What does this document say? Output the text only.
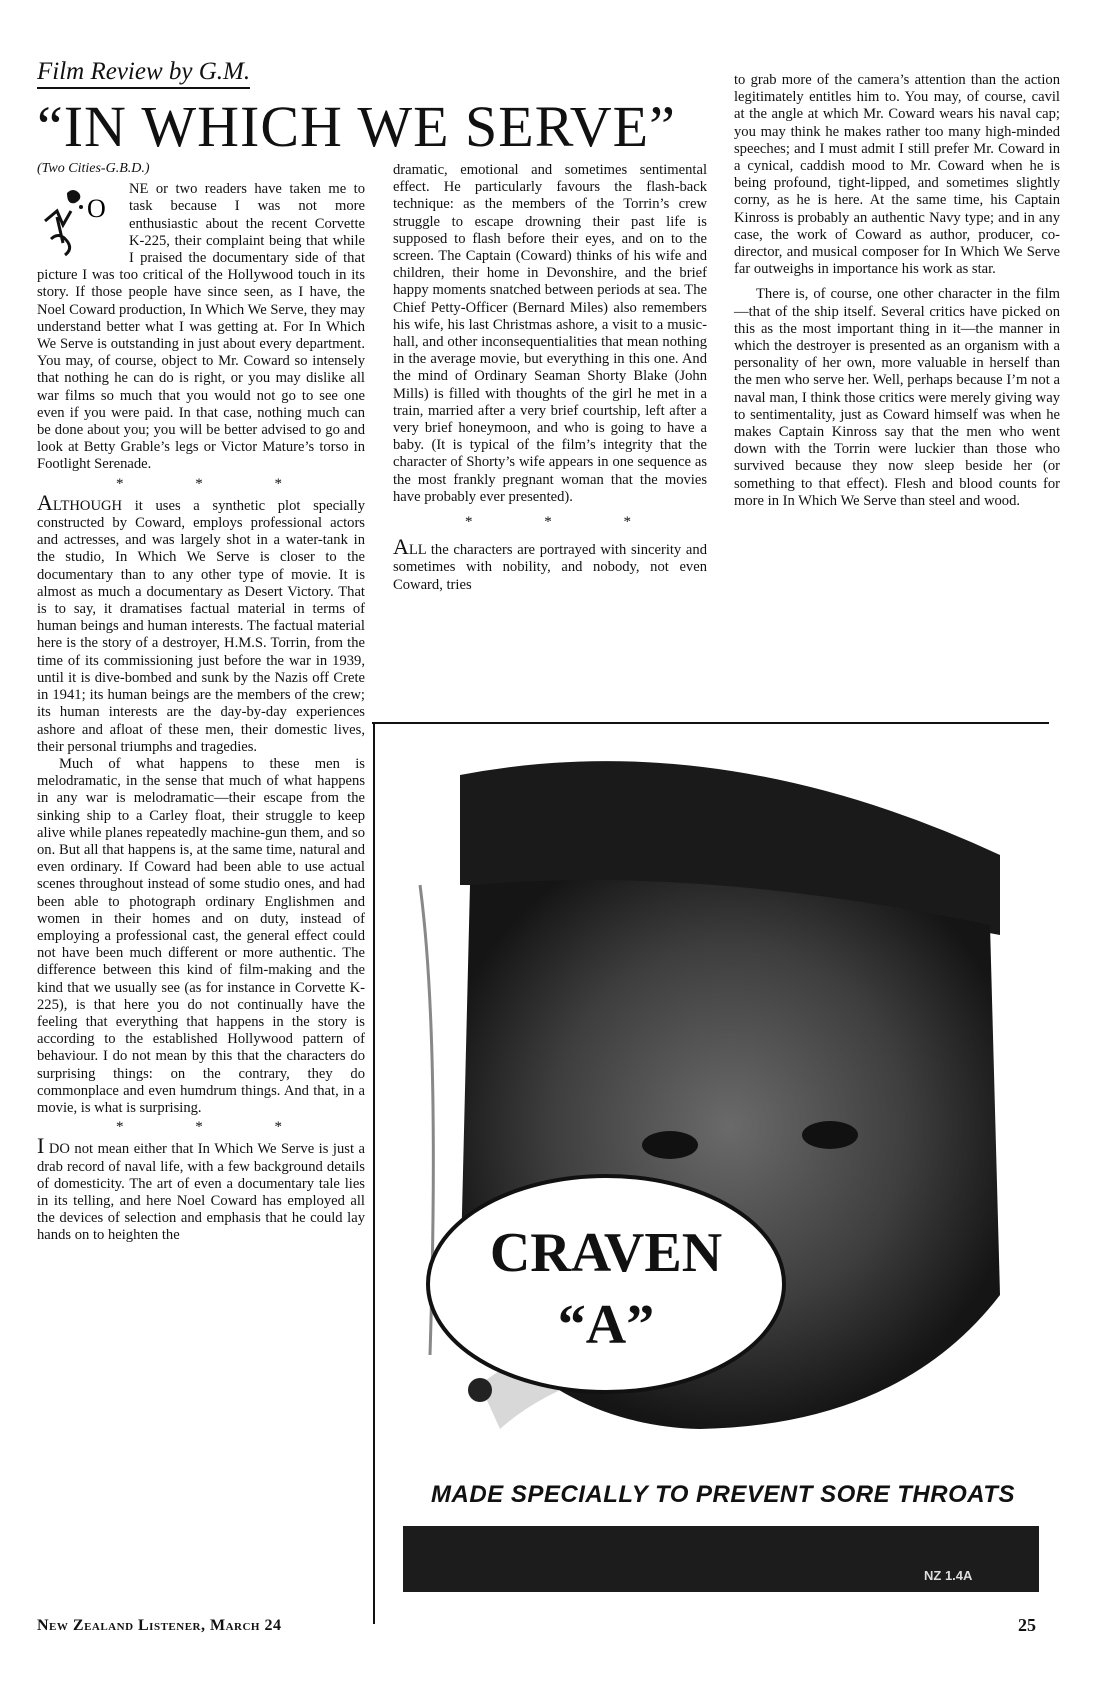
Film Review by G.M.
“IN WHICH WE SERVE”
(Two Cities-G.B.D.)
O

NE or two readers have taken me to task because I was not more enthusiastic about the recent Corvette K-225, their complaint being that while I praised the documentary side of that picture I was too critical of the Hollywood touch in its story. If those people have since seen, as I have, the Noel Coward production, In Which We Serve, they may understand better what I was getting at. For In Which We Serve is outstanding in just about every department. You may, of course, object to Mr. Coward so intensely that nothing he can do is right, or you may dislike all war films so much that you would not go to see one even if you were paid. In that case, nothing much can be done about you; you will be better advised to go and look at Betty Grable’s legs or Victor Mature’s torso in Footlight Serenade.

* * *

ALTHOUGH it uses a synthetic plot specially constructed by Coward, employs professional actors and actresses, and was largely shot in a water-tank in the studio, In Which We Serve is closer to the documentary than to any other type of movie. It is almost as much a documentary as Desert Victory. That is to say, it dramatises factual material in terms of human beings and human interests. The factual material here is the story of a destroyer, H.M.S. Torrin, from the time of its commissioning just before the war in 1939, until it is dive-bombed and sunk by the Nazis off Crete in 1941; its human beings are the members of the crew; its human interests are the day-by-day experiences ashore and afloat of these men, their domestic lives, their personal triumphs and tragedies.

Much of what happens to these men is melodramatic, in the sense that much of what happens in any war is melodramatic—their escape from the sinking ship to a Carley float, their struggle to keep alive while planes repeatedly machine-gun them, and so on. But all that happens is, at the same time, natural and even ordinary. If Coward had been able to use actual scenes throughout instead of some studio ones, and had been able to photograph ordinary Englishmen and women in their homes and on duty, instead of employing a professional cast, the general effect could not have been much different or more authentic. The difference between this kind of film-making and the kind that we usually see (as for instance in Corvette K-225), is that here you do not continually have the feeling that everything that happens in the story is according to the established Hollywood pattern of behaviour. I do not mean by this that the characters do surprising things: on the contrary, they do commonplace and even humdrum things. And that, in a movie, is what is surprising.

* * *

I DO not mean either that In Which We Serve is just a drab record of naval life, with a few background details of domesticity. The art of even a documentary tale lies in its telling, and here Noel Coward has employed all the devices of selection and emphasis that he could lay hands on to heighten the

dramatic, emotional and sometimes sentimental effect. He particularly favours the flash-back technique: as the members of the Torrin’s crew struggle to escape drowning their past life is supposed to flash before their eyes, and on to the screen. The Captain (Coward) thinks of his wife and children, their home in Devonshire, and the brief happy moments snatched between periods at sea. The Chief Petty-Officer (Bernard Miles) also remembers his wife, his last Christmas ashore, a visit to a music-hall, and other inconsequentialities that mean nothing in the average movie, but everything in this one. And the mind of Ordinary Seaman Shorty Blake (John Mills) is filled with thoughts of the girl he met in a train, married after a very brief courtship, left after a very brief honeymoon, and who is going to have a baby. (It is typical of the film’s integrity that the character of Shorty’s wife appears in one sequence as the most frankly pregnant woman that the movies have probably ever presented).

* * *

ALL the characters are portrayed with sincerity and sometimes with nobility, and nobody, not even Coward, tries

to grab more of the camera’s attention than the action legitimately entitles him to. You may, of course, cavil at the angle at which Mr. Coward wears his naval cap; you may think he makes rather too many high-minded speeches; and I must admit I still prefer Mr. Coward in a cynical, caddish mood to Mr. Coward when he is being profound, tight-lipped, and sometimes slightly corny, as he is here. At the same time, his Captain Kinross is probably an authentic Navy type; and in any case, the work of Coward as author, producer, co-director, and musical composer for In Which We Serve far outweighs in importance his work as star.

There is, of course, one other character in the film—that of the ship itself. Several critics have picked on this as the most important thing in it—the manner in which the destroyer is presented as an organism with a personality of her own, more valuable in herself than the men who serve her. Well, perhaps because I’m not a naval man, I think those critics were merely giving way to sentimentality, just as Coward himself was when he makes Captain Kinross say that the men who went down with the Torrin were luckier than those who survived because they now sleep beside her (or something to that effect). Flesh and blood counts for more in In Which We Serve than steel and wood.

CRAVEN
“A”
MADE SPECIALLY TO PREVENT SORE THROATS
NZ 1.4A
New Zealand Listener, March 24	25
